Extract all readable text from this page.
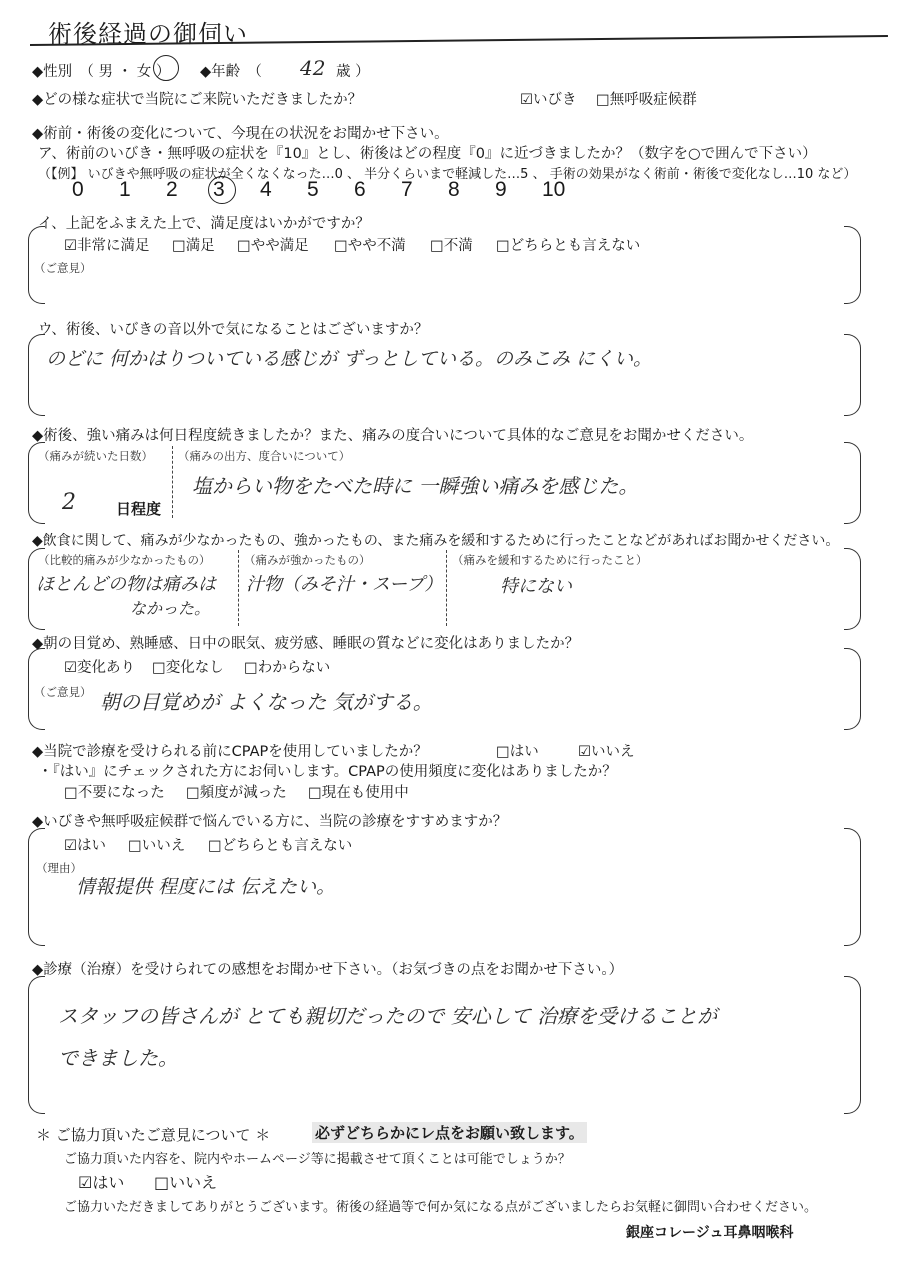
術後経過の御伺い
◆性別　（ 男 ・ 女 ） ◆年齢　（ 42 歳 ）
◆どの様な症状で当院にご来院いただきましたか？	☑いびき □無呼吸症候群
◆術前・術後の変化について、今現在の状況をお聞かせ下さい。
ア、術前のいびき・無呼吸の症状を『10』とし、術後はどの程度『0』に近づきましたか？（数字を○で囲んで下さい）
（【例】 いびきや無呼吸の症状が全くなくなった…0 、 半分くらいまで軽減した…5 、 手術の効果がなく術前・術後で変化なし…10 など）
0 1 2 3 4 5 6 7 8 9 10
イ、上記をふまえた上で、満足度はいかがですか？
☑非常に満足 □満足 □やや満足 □やや不満 □不満 □どちらとも言えない
（ご意見）
ウ、術後、いびきの音以外で気になることはございますか？
のどに 何かはりついている感じが ずっとしている。のみこみ にくい。
◆術後、強い痛みは何日程度続きましたか？また、痛みの度合いについて具体的なご意見をお聞かせください。
（痛みが続いた日数）
2	日程度
（痛みの出方、度合いについて）
塩からい物をたべた時に 一瞬強い痛みを感じた。
◆飲食に関して、痛みが少なかったもの、強かったもの、また痛みを緩和するために行ったことなどがあればお聞かせください。
（比較的痛みが少なかったもの）
ほとんどの物は痛みは
なかった。
（痛みが強かったもの）
汁物（みそ汁・スープ）
（痛みを緩和するために行ったこと）
特にない
◆朝の目覚め、熟睡感、日中の眠気、疲労感、睡眠の質などに変化はありましたか？
☑変化あり □変化なし □わからない
（ご意見） 朝の目覚めが よくなった 気がする。
◆当院で診療を受けられる前にCPAPを使用していましたか？	□はい	☑いいえ
・『はい』にチェックされた方にお伺いします。CPAPの使用頻度に変化はありましたか？
□不要になった □頻度が減った □現在も使用中
◆いびきや無呼吸症候群で悩んでいる方に、当院の診療をすすめますか？
☑はい □いいえ □どちらとも言えない
（理由）
情報提供 程度には 伝えたい。
◆診療（治療）を受けられての感想をお聞かせ下さい。（お気づきの点をお聞かせ下さい。）
スタッフの皆さんが とても親切だったので 安心して 治療を受けることが
できました。
＊ ご協力頂いたご意見について ＊	必ずどちらかにレ点をお願い致します。
ご協力頂いた内容を、院内やホームページ等に掲載させて頂くことは可能でしょうか？
☑はい □いいえ
ご協力いただきましてありがとうございます。術後の経過等で何か気になる点がございましたらお気軽に御問い合わせください。
銀座コレージュ耳鼻咽喉科
